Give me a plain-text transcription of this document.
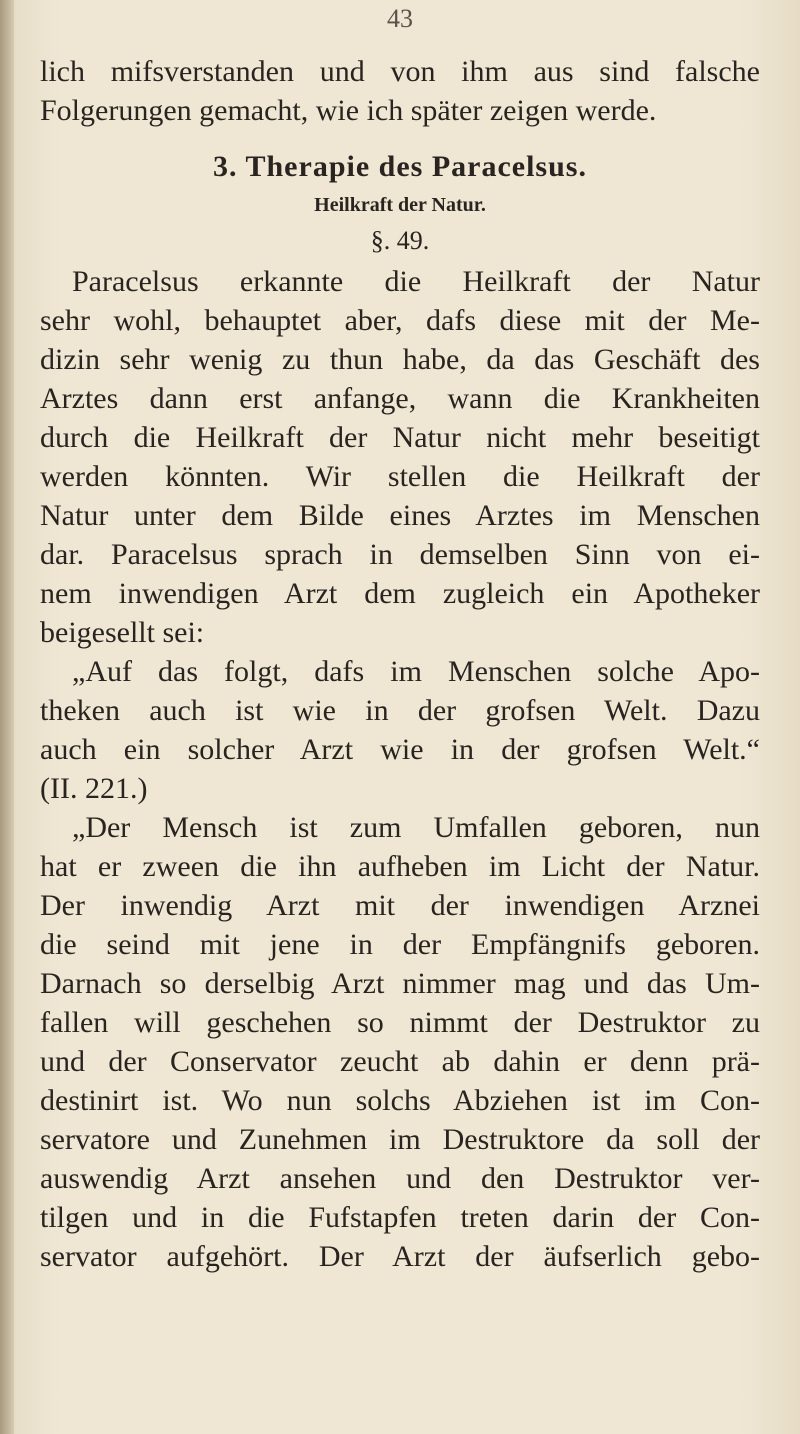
43
lich mifsverstanden und von ihm aus sind falsche
Folgerungen gemacht, wie ich später zeigen werde.
3. Therapie des Paracelsus.
Heilkraft der Natur.
§. 49.
Paracelsus erkannte die Heilkraft der Natur
sehr wohl, behauptet aber, dafs diese mit der Me-
dizin sehr wenig zu thun habe, da das Geschäft des
Arztes dann erst anfange, wann die Krankheiten
durch die Heilkraft der Natur nicht mehr beseitigt
werden könnten. Wir stellen die Heilkraft der
Natur unter dem Bilde eines Arztes im Menschen
dar. Paracelsus sprach in demselben Sinn von ei-
nem inwendigen Arzt dem zugleich ein Apotheker
beigesellt sei:
„Auf das folgt, dafs im Menschen solche Apo-
theken auch ist wie in der grofsen Welt. Dazu
auch ein solcher Arzt wie in der grofsen Welt.“
(II. 221.)
„Der Mensch ist zum Umfallen geboren, nun
hat er zween die ihn aufheben im Licht der Natur.
Der inwendig Arzt mit der inwendigen Arznei
die seind mit jene in der Empfängnifs geboren.
Darnach so derselbig Arzt nimmer mag und das Um-
fallen will geschehen so nimmt der Destruktor zu
und der Conservator zeucht ab dahin er denn prä-
destinirt ist. Wo nun solchs Abziehen ist im Con-
servatore und Zunehmen im Destruktore da soll der
auswendig Arzt ansehen und den Destruktor ver-
tilgen und in die Fufstapfen treten darin der Con-
servator aufgehört. Der Arzt der äufserlich gebo-
